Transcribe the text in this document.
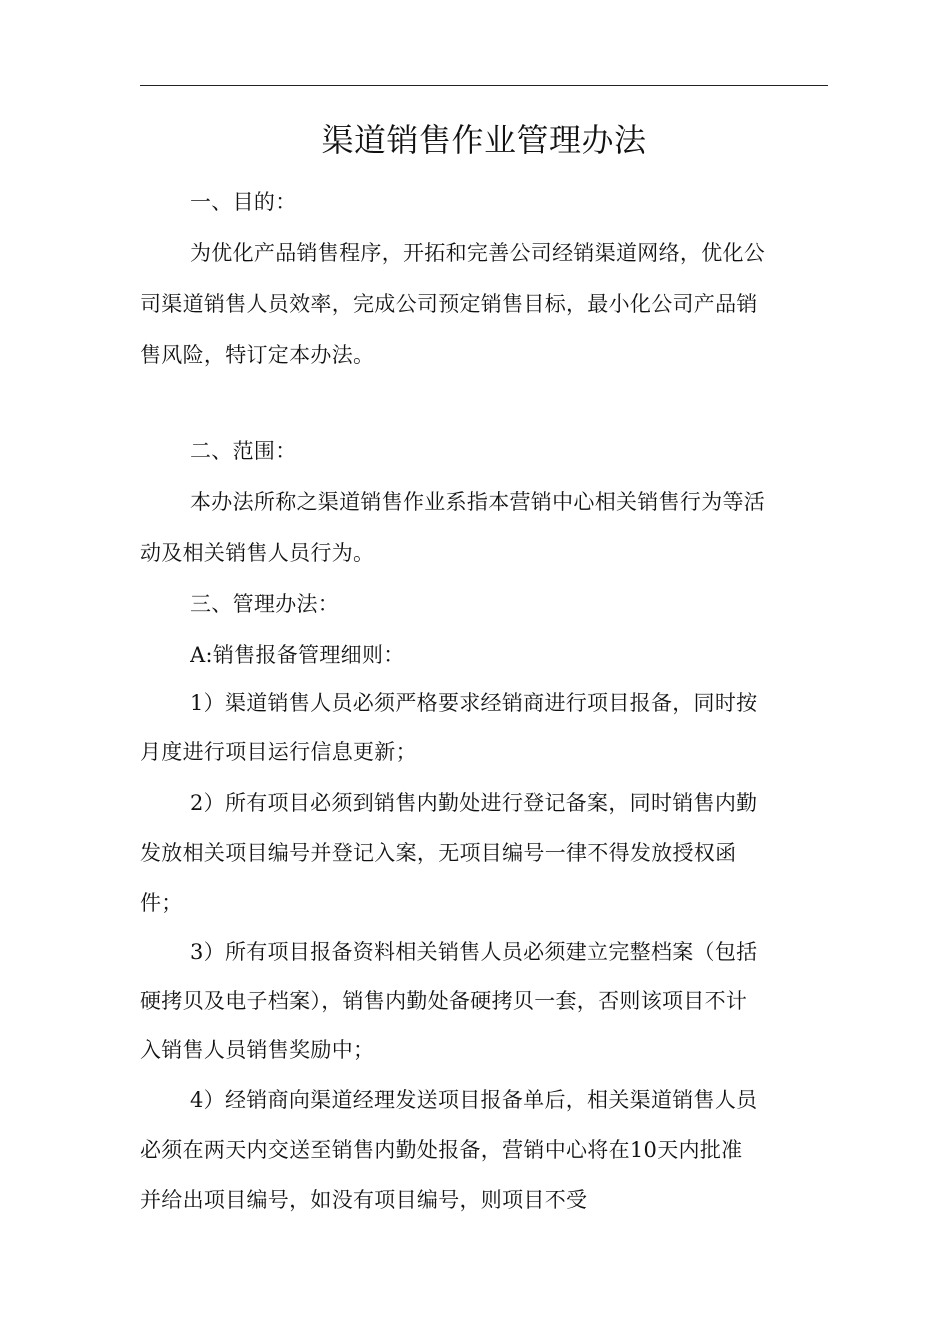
渠道销售作业管理办法
一、目的：
为优化产品销售程序，开拓和完善公司经销渠道网络，优化公
司渠道销售人员效率，完成公司预定销售目标，最小化公司产品销
售风险，特订定本办法。
二、范围：
本办法所称之渠道销售作业系指本营销中心相关销售行为等活
动及相关销售人员行为。
三、管理办法：
A:销售报备管理细则：
1）渠道销售人员必须严格要求经销商进行项目报备，同时按
月度进行项目运行信息更新；
2）所有项目必须到销售内勤处进行登记备案，同时销售内勤
发放相关项目编号并登记入案，无项目编号一律不得发放授权函
件；
3）所有项目报备资料相关销售人员必须建立完整档案（包括
硬拷贝及电子档案），销售内勤处备硬拷贝一套，否则该项目不计
入销售人员销售奖励中；
4）经销商向渠道经理发送项目报备单后，相关渠道销售人员
必须在两天内交送至销售内勤处报备，营销中心将在10天内批准
并给出项目编号，如没有项目编号，则项目不受
